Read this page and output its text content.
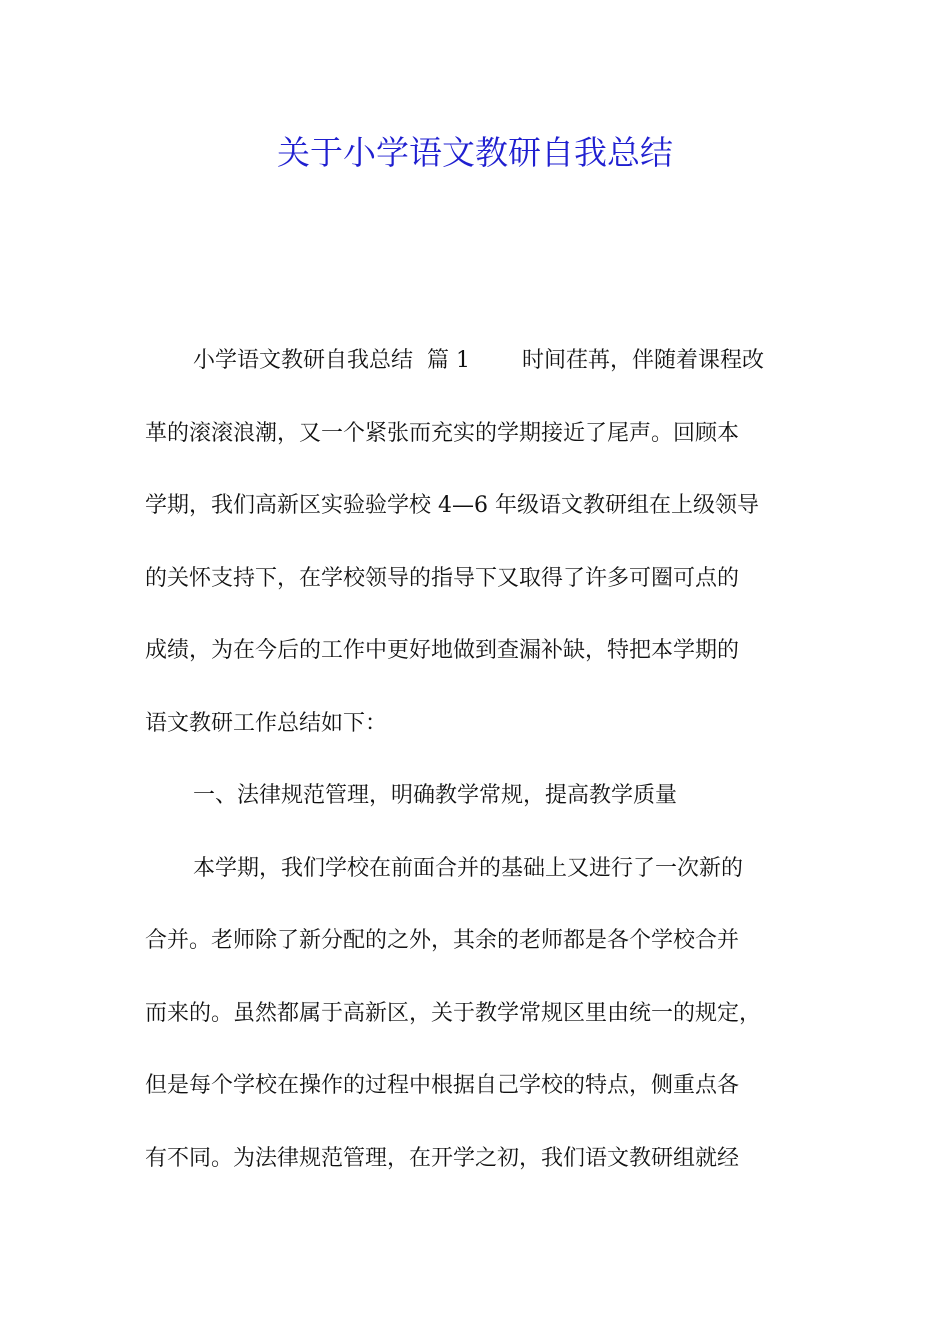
关于小学语文教研自我总结
小学语文教研自我总结  篇 1 时间荏苒，伴随着课程改
革的滚滚浪潮，又一个紧张而充实的学期接近了尾声。回顾本
学期，我们高新区实验验学校 4—6 年级语文教研组在上级领导
的关怀支持下，在学校领导的指导下又取得了许多可圈可点的
成绩，为在今后的工作中更好地做到查漏补缺，特把本学期的
语文教研工作总结如下：
一、法律规范管理，明确教学常规，提高教学质量
本学期，我们学校在前面合并的基础上又进行了一次新的
合并。老师除了新分配的之外，其余的老师都是各个学校合并
而来的。虽然都属于高新区，关于教学常规区里由统一的规定，
但是每个学校在操作的过程中根据自己学校的特点，侧重点各
有不同。为法律规范管理，在开学之初，我们语文教研组就经
